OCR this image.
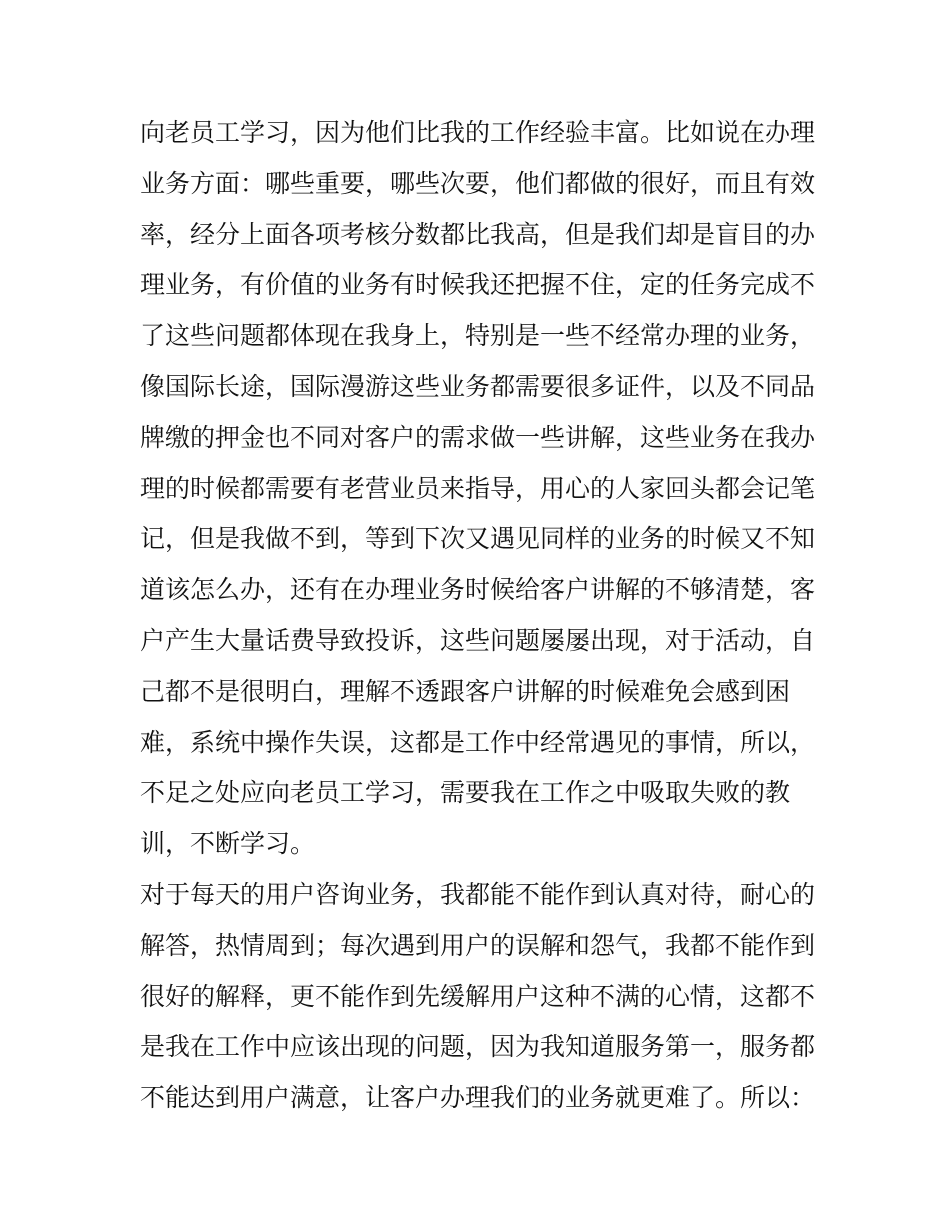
向老员工学习，因为他们比我的工作经验丰富。比如说在办理
业务方面：哪些重要，哪些次要，他们都做的很好，而且有效
率，经分上面各项考核分数都比我高，但是我们却是盲目的办
理业务，有价值的业务有时候我还把握不住，定的任务完成不
了这些问题都体现在我身上，特别是一些不经常办理的业务，
像国际长途，国际漫游这些业务都需要很多证件，以及不同品
牌缴的押金也不同对客户的需求做一些讲解，这些业务在我办
理的时候都需要有老营业员来指导，用心的人家回头都会记笔
记，但是我做不到，等到下次又遇见同样的业务的时候又不知
道该怎么办，还有在办理业务时候给客户讲解的不够清楚，客
户产生大量话费导致投诉，这些问题屡屡出现，对于活动，自
己都不是很明白，理解不透跟客户讲解的时候难免会感到困
难，系统中操作失误，这都是工作中经常遇见的事情，所以，
不足之处应向老员工学习，需要我在工作之中吸取失败的教
训，不断学习。
对于每天的用户咨询业务，我都能不能作到认真对待，耐心的
解答，热情周到；每次遇到用户的误解和怨气，我都不能作到
很好的解释，更不能作到先缓解用户这种不满的心情，这都不
是我在工作中应该出现的问题，因为我知道服务第一，服务都
不能达到用户满意，让客户办理我们的业务就更难了。所以：
